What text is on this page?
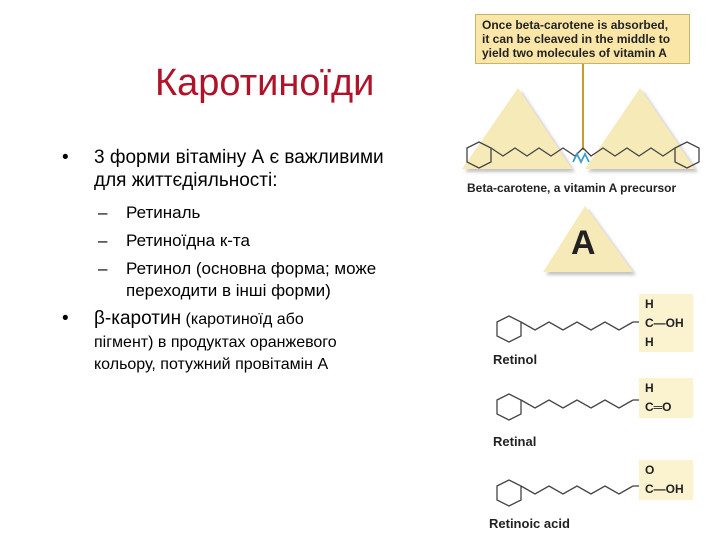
Каротиноїди
• 3 форми вітаміну А є важливими для життєдіяльності:
– Ретиналь
– Ретиноїдна к-та
– Ретинол (основна форма; може переходити в інші форми)
• β-каротин (каротиноїд або
пігмент) в продуктах оранжевого кольору, потужний провітамін А
Once beta-carotene is absorbed,
it can be cleaved in the middle to
yield two molecules of vitamin A
Beta-carotene, a vitamin A precursor
A
H
C—OH
H
Retinol
H
C═O
Retinal
O
C—OH
Retinoic acid
